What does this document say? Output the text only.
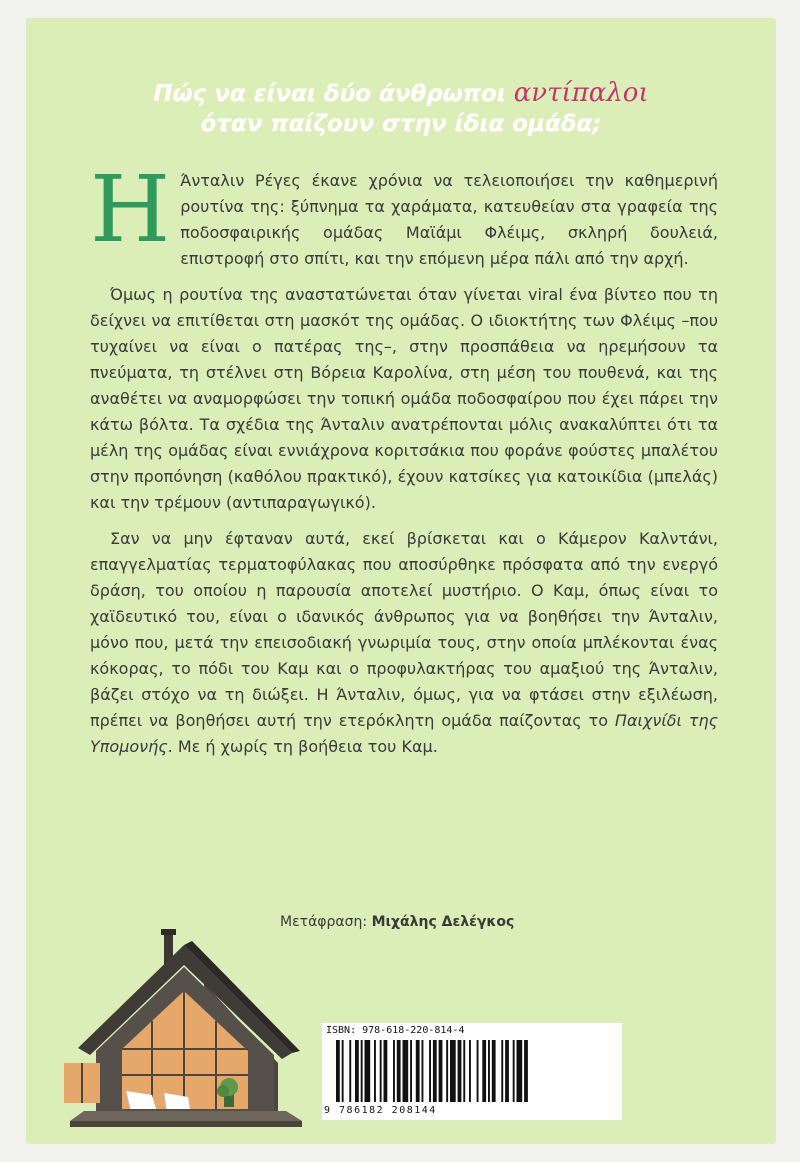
Πώς να είναι δύο άνθρωποι αντίπαλοι
όταν παίζουν στην ίδια ομάδα;

Η Άνταλιν Ρέγες έκανε χρόνια να τελειοποιήσει την καθημερινή ρουτίνα της: ξύπνημα τα χαράματα, κατευθείαν στα γραφεία της ποδοσφαιρικής ομάδας Μαϊάμι Φλέιμς, σκληρή δουλειά, επιστροφή στο σπίτι, και την επόμενη μέρα πάλι από την αρχή.

Όμως η ρουτίνα της αναστατώνεται όταν γίνεται viral ένα βίντεο που τη δείχνει να επιτίθεται στη μασκότ της ομάδας. Ο ιδιοκτήτης των Φλέιμς –που τυχαίνει να είναι ο πατέρας της–, στην προσπάθεια να ηρεμήσουν τα πνεύματα, τη στέλνει στη Βόρεια Καρολίνα, στη μέση του πουθενά, και της αναθέτει να αναμορφώσει την τοπική ομάδα ποδοσφαίρου που έχει πάρει την κάτω βόλτα. Τα σχέδια της Άνταλιν ανατρέπονται μόλις ανακαλύπτει ότι τα μέλη της ομάδας είναι εννιάχρονα κοριτσάκια που φοράνε φούστες μπαλέτου στην προπόνηση (καθόλου πρακτικό), έχουν κατσίκες για κατοικίδια (μπελάς) και την τρέμουν (αντιπαραγωγικό).

Σαν να μην έφταναν αυτά, εκεί βρίσκεται και ο Κάμερον Καλντάνι, επαγγελματίας τερματοφύλακας που αποσύρθηκε πρόσφατα από την ενεργό δράση, του οποίου η παρουσία αποτελεί μυστήριο. Ο Καμ, όπως είναι το χαϊδευτικό του, είναι ο ιδανικός άνθρωπος για να βοηθήσει την Άνταλιν, μόνο που, μετά την επεισοδιακή γνωριμία τους, στην οποία μπλέκονται ένας κόκορας, το πόδι του Καμ και ο προφυλακτήρας του αμαξιού της Άνταλιν, βάζει στόχο να τη διώξει. Η Άνταλιν, όμως, για να φτάσει στην εξιλέωση, πρέπει να βοηθήσει αυτή την ετερόκλητη ομάδα παίζοντας το Παιχνίδι της Υπομονής. Με ή χωρίς τη βοήθεια του Καμ.

Μετάφραση: Μιχάλης Δελέγκος
ISBN: 978-618-220-814-4
9 786182 208144
